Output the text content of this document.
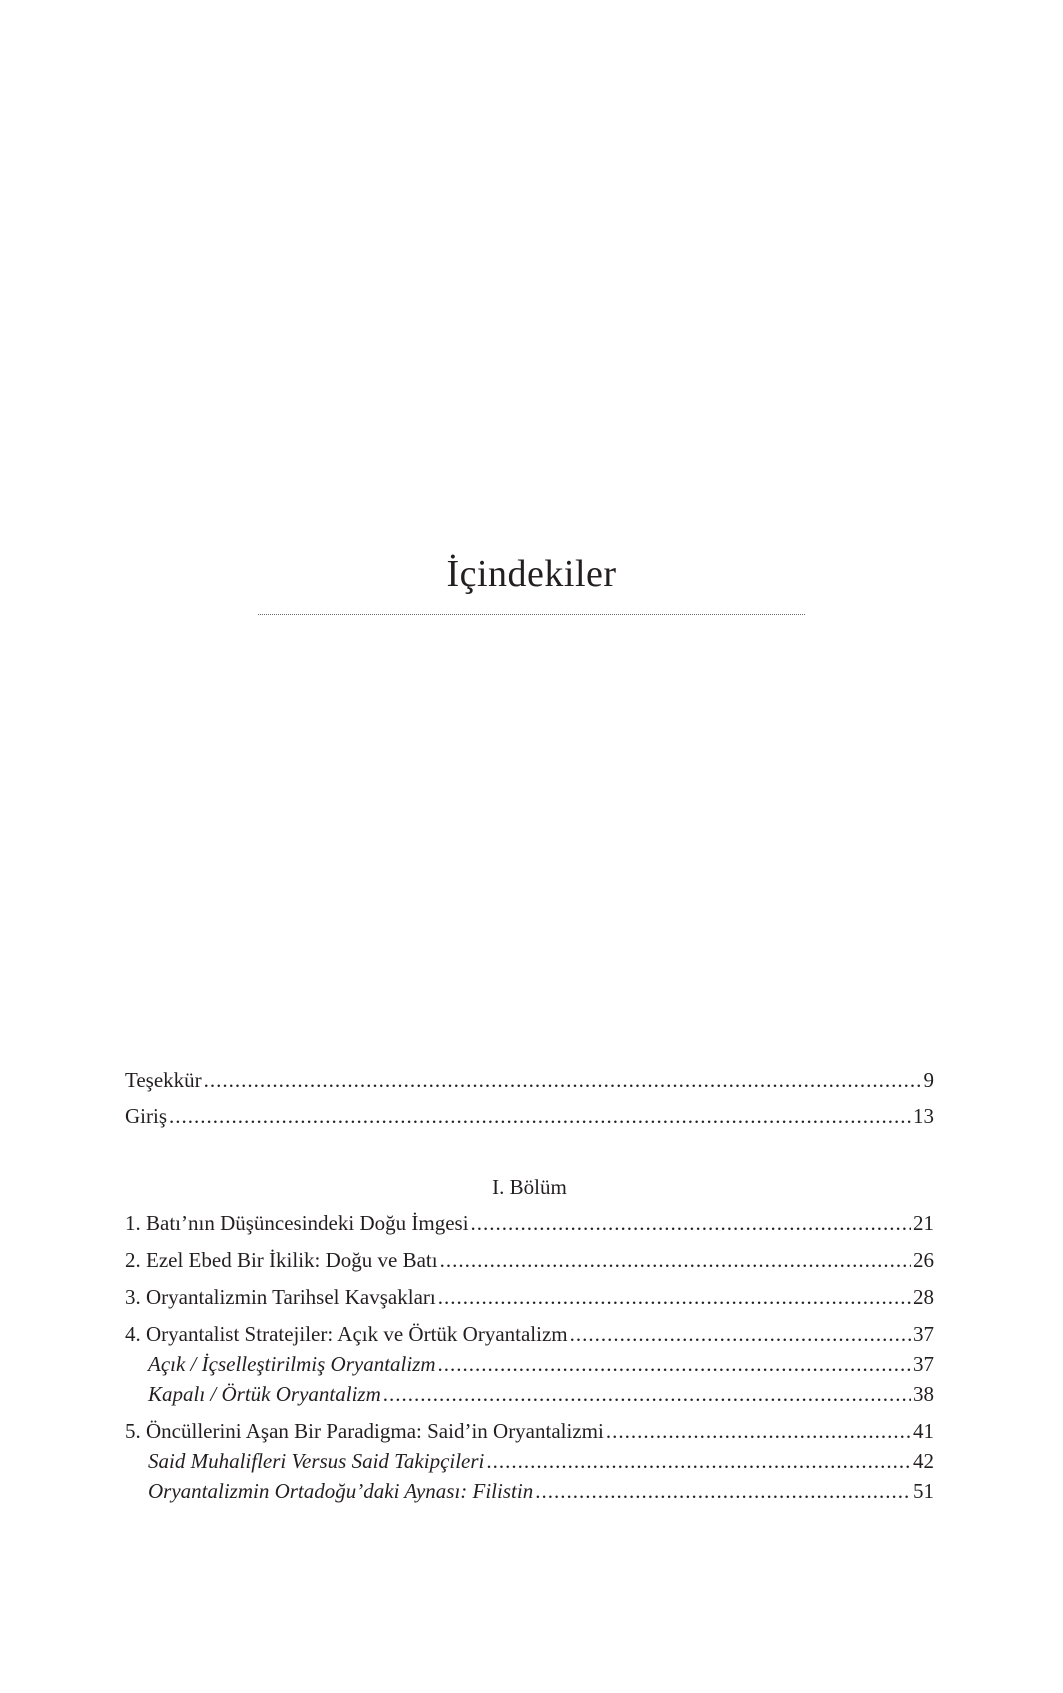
İçindekiler
Teşekkür .....	9
Giriş .....	13
I. Bölüm
1. Batı’nın Düşüncesindeki Doğu İmgesi .....	21
2. Ezel Ebed Bir İkilik: Doğu ve Batı .....	26
3. Oryantalizmin Tarihsel Kavşakları .....	28
4. Oryantalist Stratejiler: Açık ve Örtük Oryantalizm .....	37
Açık / İçselleştirilmiş Oryantalizm .....	37
Kapalı / Örtük Oryantalizm .....	38
5. Öncüllerini Aşan Bir Paradigma: Said’in Oryantalizmi .....	41
Said Muhalifleri Versus Said Takipçileri .....	42
Oryantalizmin Ortadoğu’daki Aynası: Filistin .....	51
